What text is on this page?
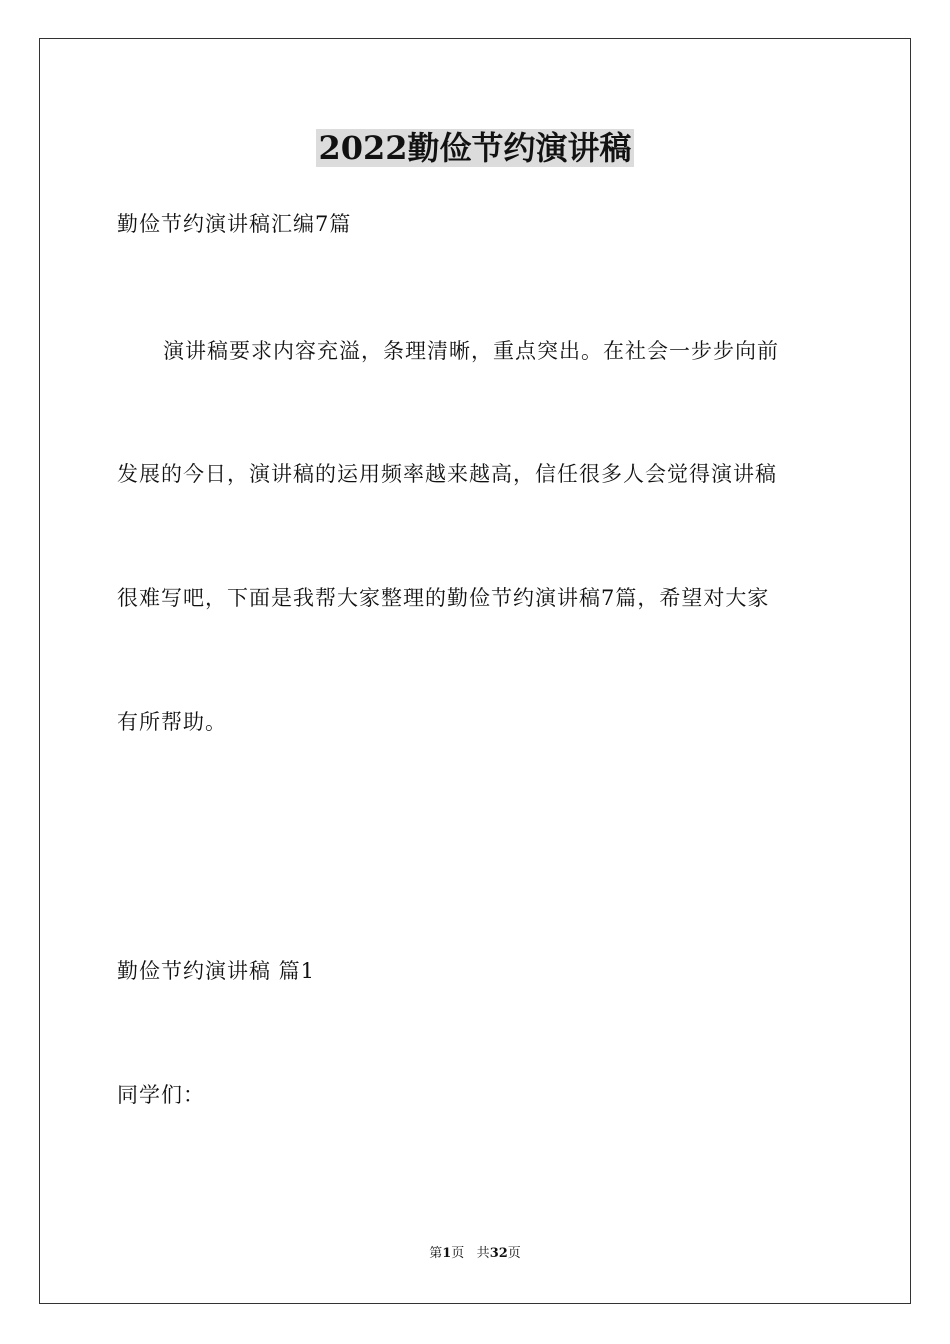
2022勤俭节约演讲稿
勤俭节约演讲稿汇编7篇
演讲稿要求内容充溢，条理清晰，重点突出。在社会一步步向前
发展的今日，演讲稿的运用频率越来越高，信任很多人会觉得演讲稿
很难写吧，下面是我帮大家整理的勤俭节约演讲稿7篇，希望对大家
有所帮助。
勤俭节约演讲稿 篇1
同学们：
第1页 共32页
